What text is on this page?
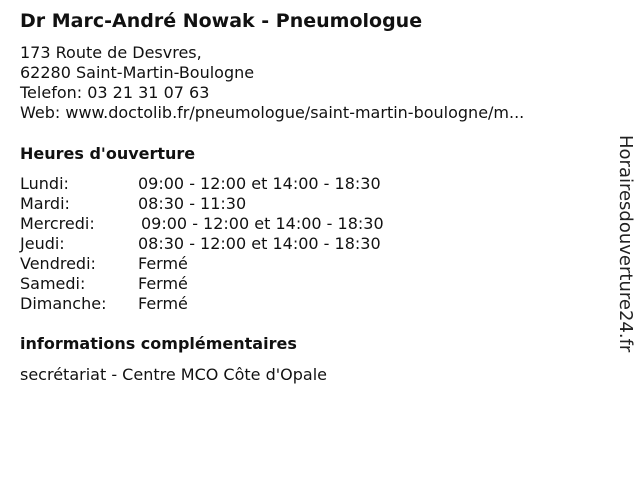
Dr Marc-André Nowak - Pneumologue
173 Route de Desvres,
62280 Saint-Martin-Boulogne
Telefon: 03 21 31 07 63
Web: www.doctolib.fr/pneumologue/saint-martin-boulogne/m...
Heures d'ouverture
Lundi:	09:00 - 12:00 et 14:00 - 18:30
Mardi:	08:30 - 11:30
Mercredi:	09:00 - 12:00 et 14:00 - 18:30
Jeudi:	08:30 - 12:00 et 14:00 - 18:30
Vendredi:	Fermé
Samedi:	Fermé
Dimanche: Fermé
informations complémentaires
secrétariat - Centre MCO Côte d'Opale
Horairesdouverture24.fr
